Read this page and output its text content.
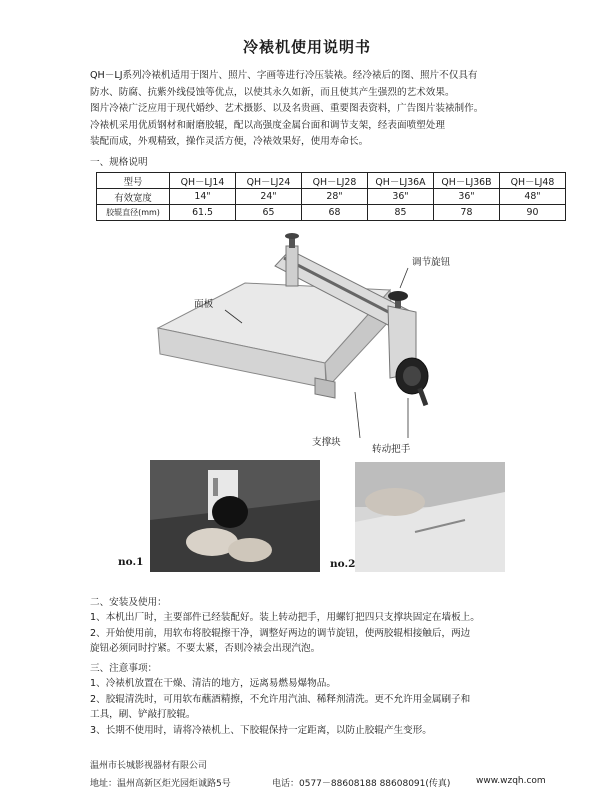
冷裱机使用说明书

QH－LJ系列冷裱机适用于图片、照片、字画等进行冷压装裱。经冷裱后的图、照片不仅具有

防水、防腐、抗紫外线侵蚀等优点，以使其永久如新，而且使其产生强烈的艺术效果。

图片冷裱广泛应用于现代婚纱、艺术摄影、以及名贵画、重要图表资料，广告图片装裱制作。

冷裱机采用优质钢材和耐磨胶辊，配以高强度金属台面和调节支架，经表面喷塑处理

装配而成，外观精致，操作灵活方便，冷裱效果好，使用寿命长。

一、规格说明
型号	QH－LJ14	QH－LJ24	QH－LJ28	QH－LJ36A	QH－LJ36B	QH－LJ48
有效宽度	14"	24"	28"	36"	36"	48"
胶辊直径(mm)	61.5	65	68	85	78	90
调节旋钮
面板
支撑块
转动把手
no.1	no.2
二、安装及使用：

1、本机出厂时，主要部件已经装配好。装上转动把手，用螺钉把四只支撑块固定在墙板上。

2、开始使用前，用软布将胶辊擦干净，调整好两边的调节旋钮，使两胶辊相接触后，两边

旋钮必须同时拧紧。不要太紧，否则冷裱会出现汽泡。

三、注意事项：

1、冷裱机放置在干燥、清洁的地方，远离易燃易爆物品。

2、胶辊清洗时，可用软布蘸酒精擦，不允许用汽油、稀释剂清洗。更不允许用金属刷子和

工具，刷、铲敲打胶辊。

3、长期不使用时，请将冷裱机上、下胶辊保持一定距离，以防止胶辊产生变形。

温州市长城影视器材有限公司
地址：温州高新区炬光园炬诚路5号	电话：0577－88608188 88608091(传真)	www.wzqh.com
